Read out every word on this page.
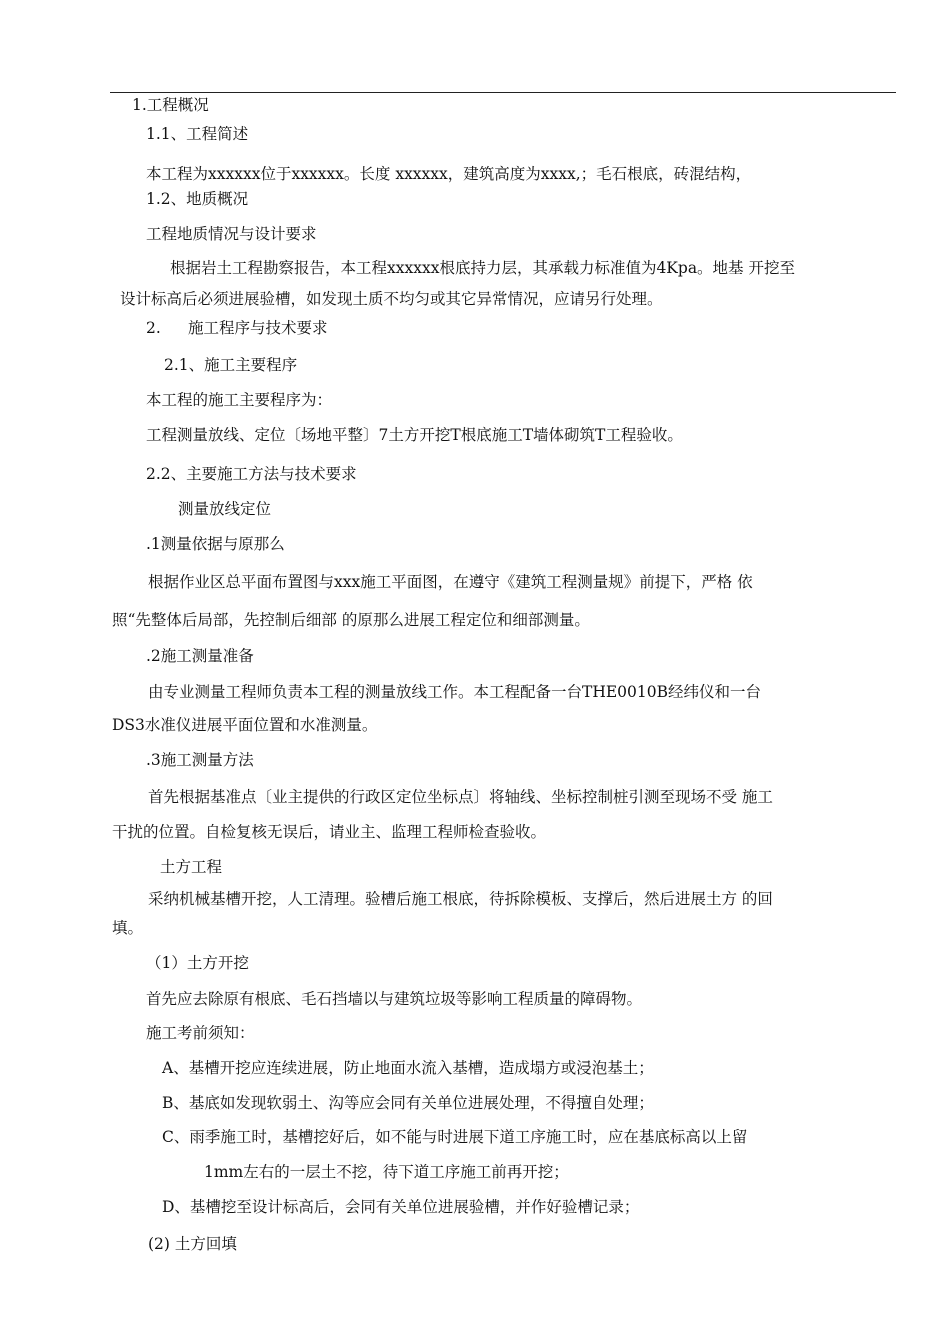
1.工程概况
1.1、工程简述
本工程为xxxxxx位于xxxxxx。长度 xxxxxx，建筑高度为xxxx,；毛石根底，砖混结构，
1.2、地质概况
工程地质情况与设计要求
根据岩土工程勘察报告，本工程xxxxxx根底持力层，其承载力标准值为4Kpa。地基 开挖至
设计标高后必须进展验槽，如发现土质不均匀或其它异常情况，应请另行处理。
2. 施工程序与技术要求
2.1、施工主要程序
本工程的施工主要程序为：
工程测量放线、定位〔场地平整〕7土方开挖T根底施工T墙体砌筑T工程验收。
2.2、主要施工方法与技术要求
测量放线定位
.1测量依据与原那么
根据作业区总平面布置图与xxx施工平面图，在遵守《建筑工程测量规》前提下，严格 依
照“先整体后局部，先控制后细部 的原那么进展工程定位和细部测量。
.2施工测量准备
由专业测量工程师负责本工程的测量放线工作。本工程配备一台THE0010B经纬仪和一台
DS3水准仪进展平面位置和水准测量。
.3施工测量方法
首先根据基准点〔业主提供的行政区定位坐标点〕将轴线、坐标控制桩引测至现场不受 施工
干扰的位置。自检复核无误后，请业主、监理工程师检查验收。
土方工程
采纳机械基槽开挖，人工清理。验槽后施工根底，待拆除模板、支撑后，然后进展土方 的回
填。
（1）土方开挖
首先应去除原有根底、毛石挡墙以与建筑垃圾等影响工程质量的障碍物。
施工考前须知：
A、基槽开挖应连续进展，防止地面水流入基槽，造成塌方或浸泡基土；
B、基底如发现软弱土、沟等应会同有关单位进展处理，不得擅自处理；
C、雨季施工时，基槽挖好后，如不能与时进展下道工序施工时，应在基底标高以上留
1mm左右的一层土不挖，待下道工序施工前再开挖；
D、基槽挖至设计标高后，会同有关单位进展验槽，并作好验槽记录；
(2) 土方回填
